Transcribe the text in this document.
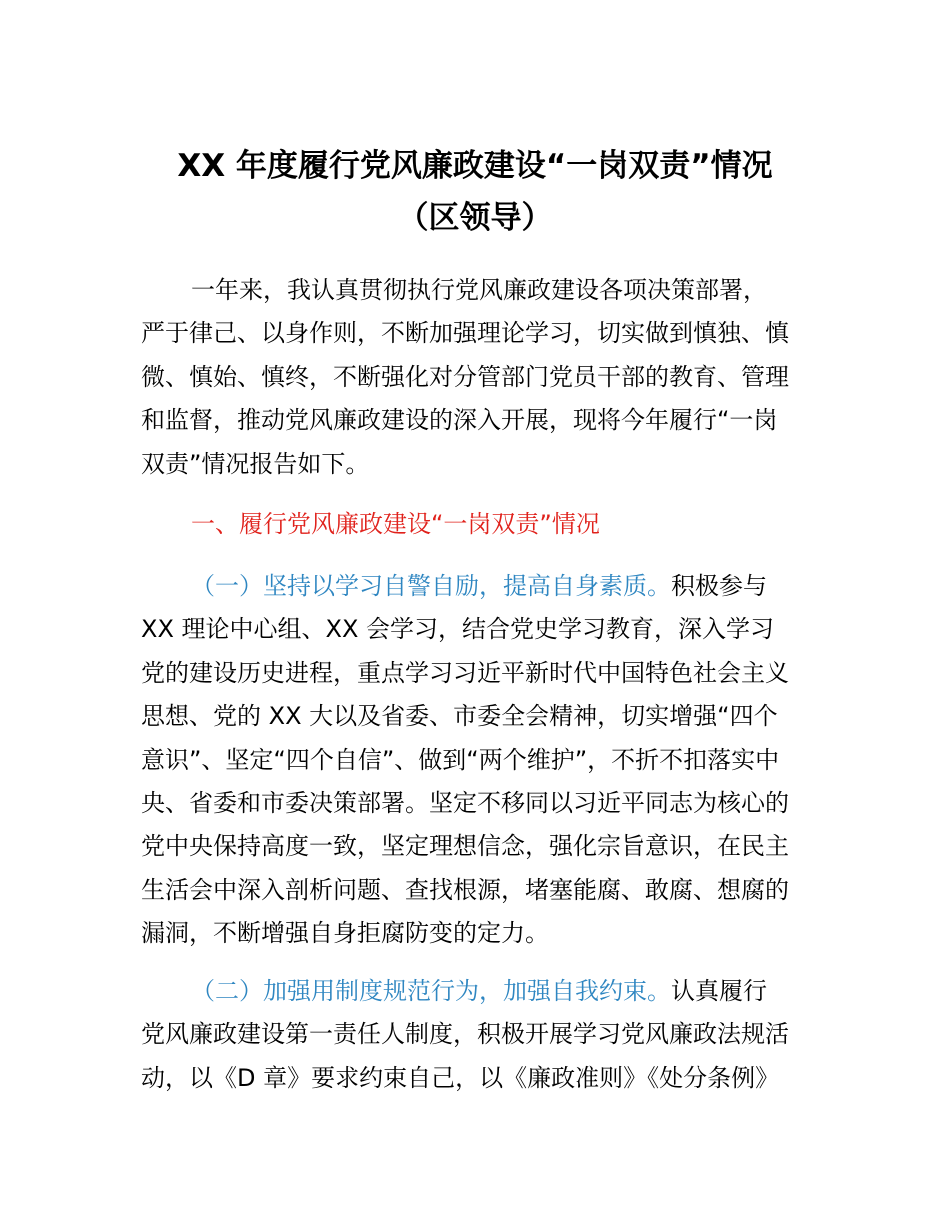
XX 年度履行党风廉政建设“一岗双责”情况
（区领导）
一年来，我认真贯彻执行党风廉政建设各项决策部署，
严于律己、以身作则，不断加强理论学习，切实做到慎独、慎
微、慎始、慎终，不断强化对分管部门党员干部的教育、管理
和监督，推动党风廉政建设的深入开展，现将今年履行“一岗
双责”情况报告如下。
一、履行党风廉政建设“一岗双责”情况
（一）坚持以学习自警自励，提高自身素质。积极参与
XX 理论中心组、XX 会学习，结合党史学习教育，深入学习
党的建设历史进程，重点学习习近平新时代中国特色社会主义
思想、党的 XX 大以及省委、市委全会精神，切实增强“四个
意识”、坚定“四个自信”、做到“两个维护”，不折不扣落实中
央、省委和市委决策部署。坚定不移同以习近平同志为核心的
党中央保持高度一致，坚定理想信念，强化宗旨意识，在民主
生活会中深入剖析问题、查找根源，堵塞能腐、敢腐、想腐的
漏洞，不断增强自身拒腐防变的定力。
（二）加强用制度规范行为，加强自我约束。认真履行
党风廉政建设第一责任人制度，积极开展学习党风廉政法规活
动，以《D 章》要求约束自己，以《廉政准则》《处分条例》
